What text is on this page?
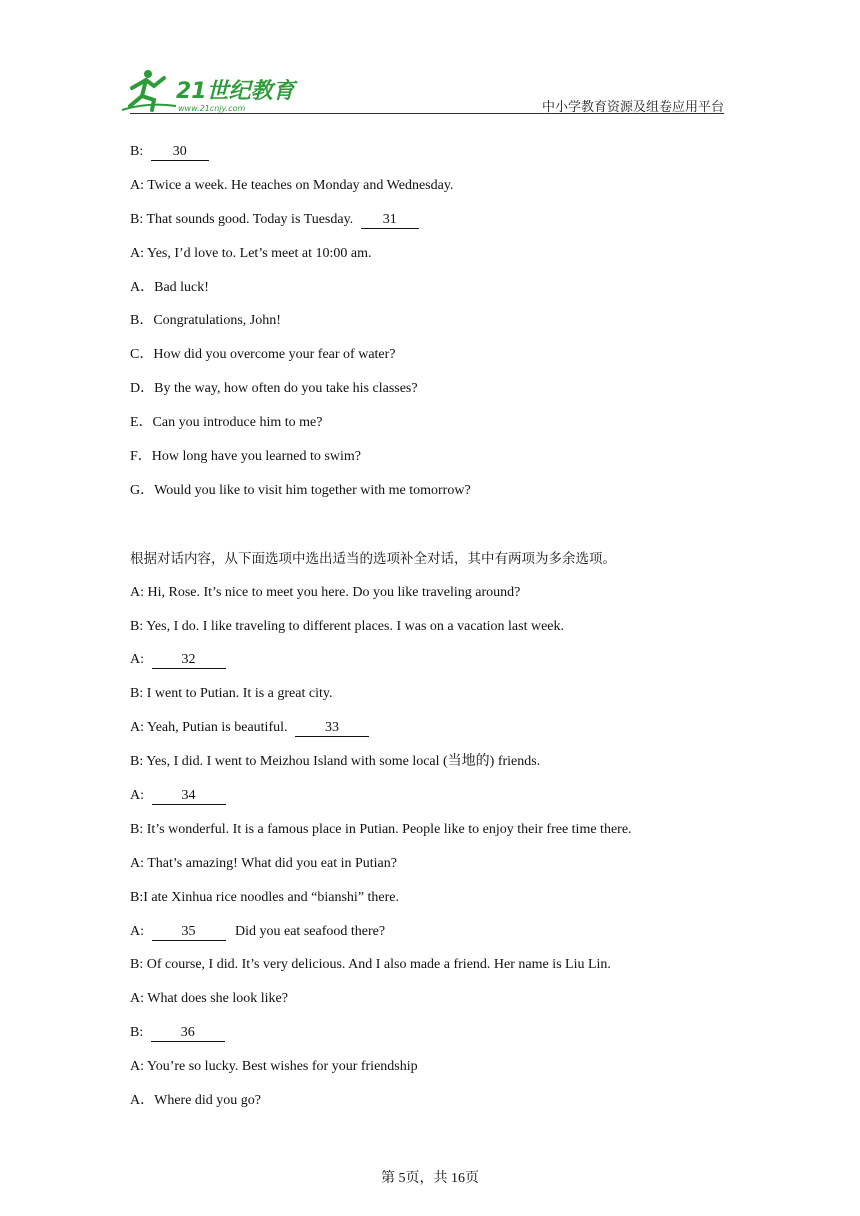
21世纪教育
www.21cnjy.com	中小学教育资源及组卷应用平台
B: 30
A: Twice a week. He teaches on Monday and Wednesday.
B: That sounds good. Today is Tuesday. 31
A: Yes, I’d love to. Let’s meet at 10:00 am.
A．Bad luck!
B．Congratulations, John!
C．How did you overcome your fear of water?
D．By the way, how often do you take his classes?
E．Can you introduce him to me?
F．How long have you learned to swim?
G．Would you like to visit him together with me tomorrow?
根据对话内容，从下面选项中选出适当的选项补全对话，其中有两项为多余选项。
A: Hi, Rose. It’s nice to meet you here. Do you like traveling around?
B: Yes, I do. I like traveling to different places. I was on a vacation last week.
A:	32
B: I went to Putian. It is a great city.
A: Yeah, Putian is beautiful.	33
B: Yes, I did. I went to Meizhou Island with some local (当地的) friends.
A:	34
B: It’s wonderful. It is a famous place in Putian. People like to enjoy their free time there.
A: That’s amazing! What did you eat in Putian?
B:I ate Xinhua rice noodles and “bianshi” there.
A:	35	Did you eat seafood there?
B: Of course, I did. It’s very delicious. And I also made a friend. Her name is Liu Lin.
A: What does she look like?
B:	36
A: You’re so lucky. Best wishes for your friendship
A．Where did you go?
第 5页，共 16页
